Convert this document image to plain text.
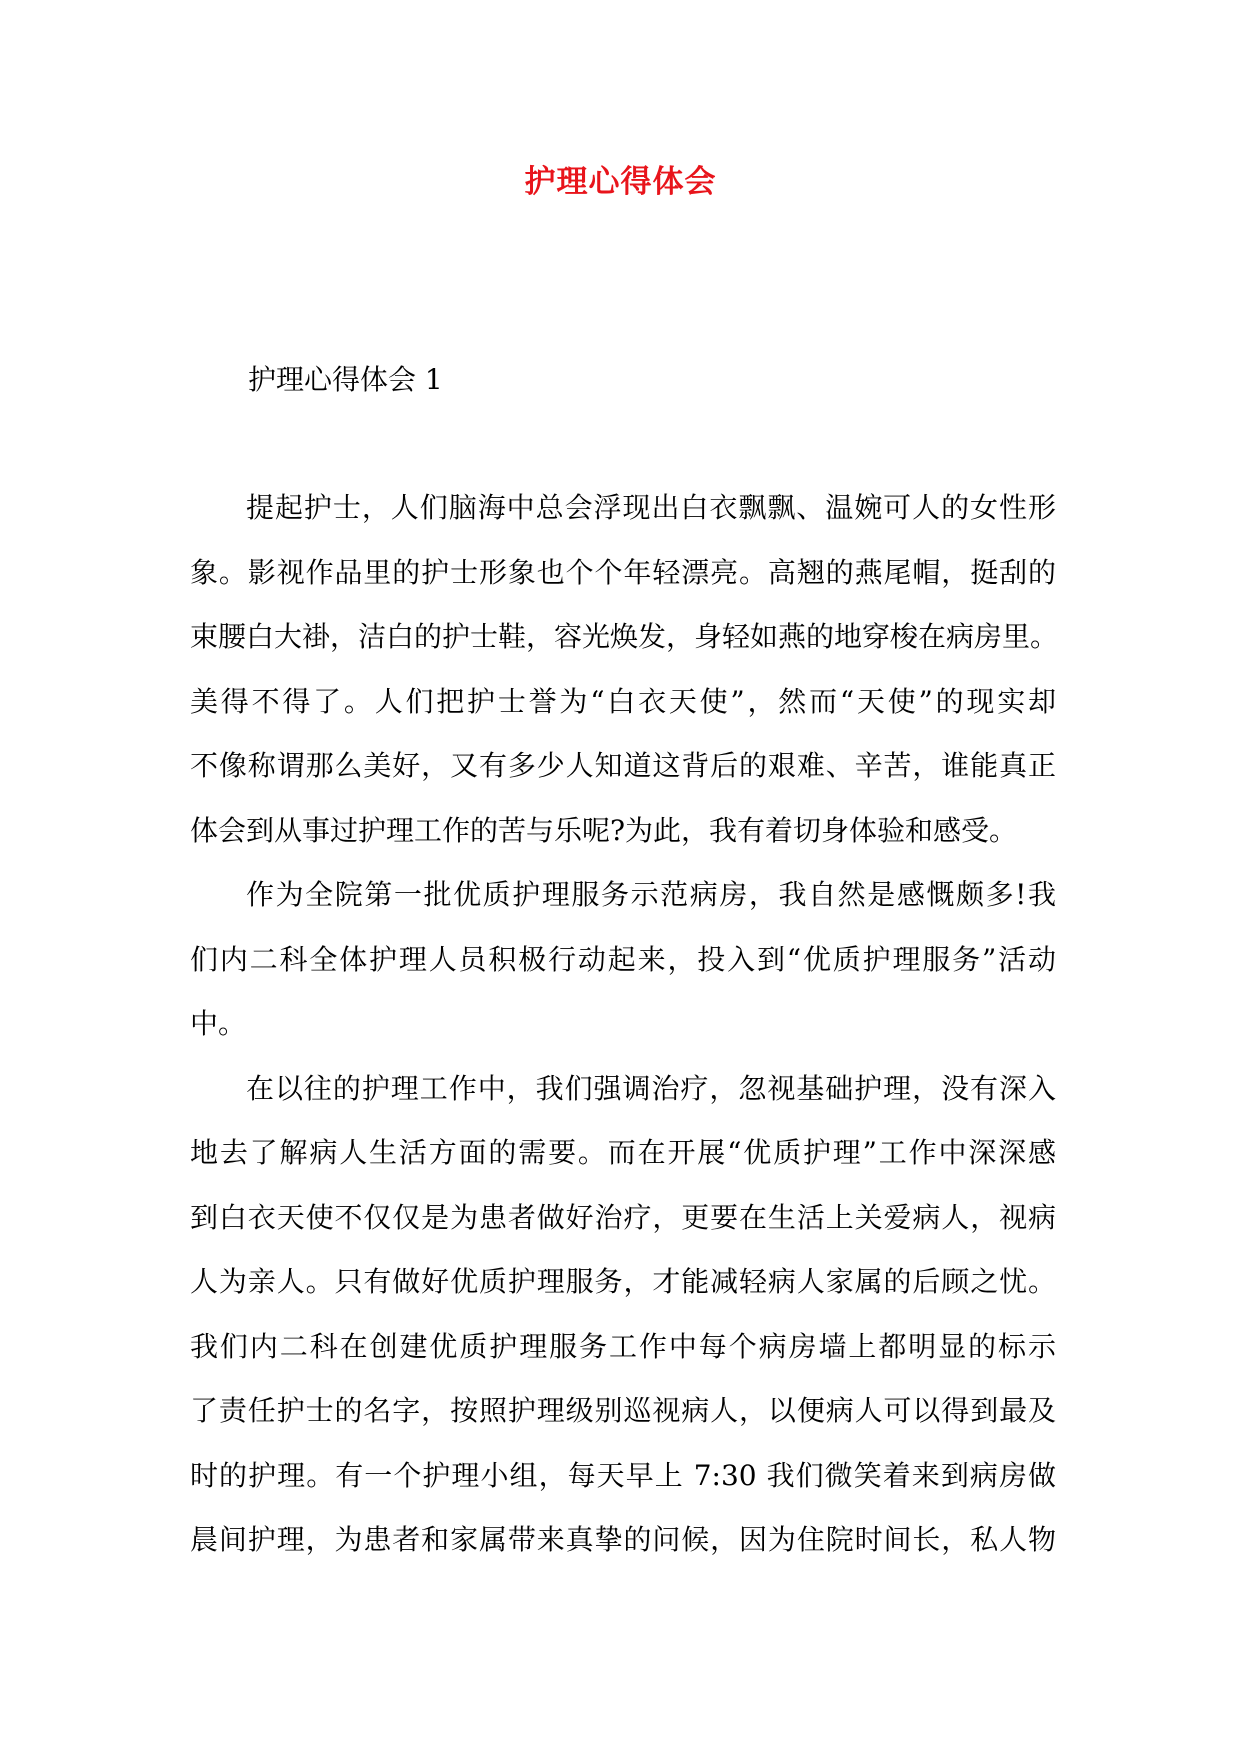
护理心得体会
护理心得体会 1
提起护士，人们脑海中总会浮现出白衣飘飘、温婉可人的女性形
象。影视作品里的护士形象也个个年轻漂亮。高翘的燕尾帽，挺刮的
束腰白大褂，洁白的护士鞋，容光焕发，身轻如燕的地穿梭在病房里。
美得不得了。人们把护士誉为“白衣天使”，然而“天使”的现实却
不像称谓那么美好，又有多少人知道这背后的艰难、辛苦，谁能真正
体会到从事过护理工作的苦与乐呢?为此，我有着切身体验和感受。
作为全院第一批优质护理服务示范病房，我自然是感慨颇多!我
们内二科全体护理人员积极行动起来，投入到“优质护理服务”活动
中。
在以往的护理工作中，我们强调治疗，忽视基础护理，没有深入
地去了解病人生活方面的需要。而在开展“优质护理”工作中深深感
到白衣天使不仅仅是为患者做好治疗，更要在生活上关爱病人，视病
人为亲人。只有做好优质护理服务，才能减轻病人家属的后顾之忧。
我们内二科在创建优质护理服务工作中每个病房墙上都明显的标示
了责任护士的名字，按照护理级别巡视病人，以便病人可以得到最及
时的护理。有一个护理小组，每天早上 7:30 我们微笑着来到病房做
晨间护理，为患者和家属带来真挚的问候，因为住院时间长，私人物
